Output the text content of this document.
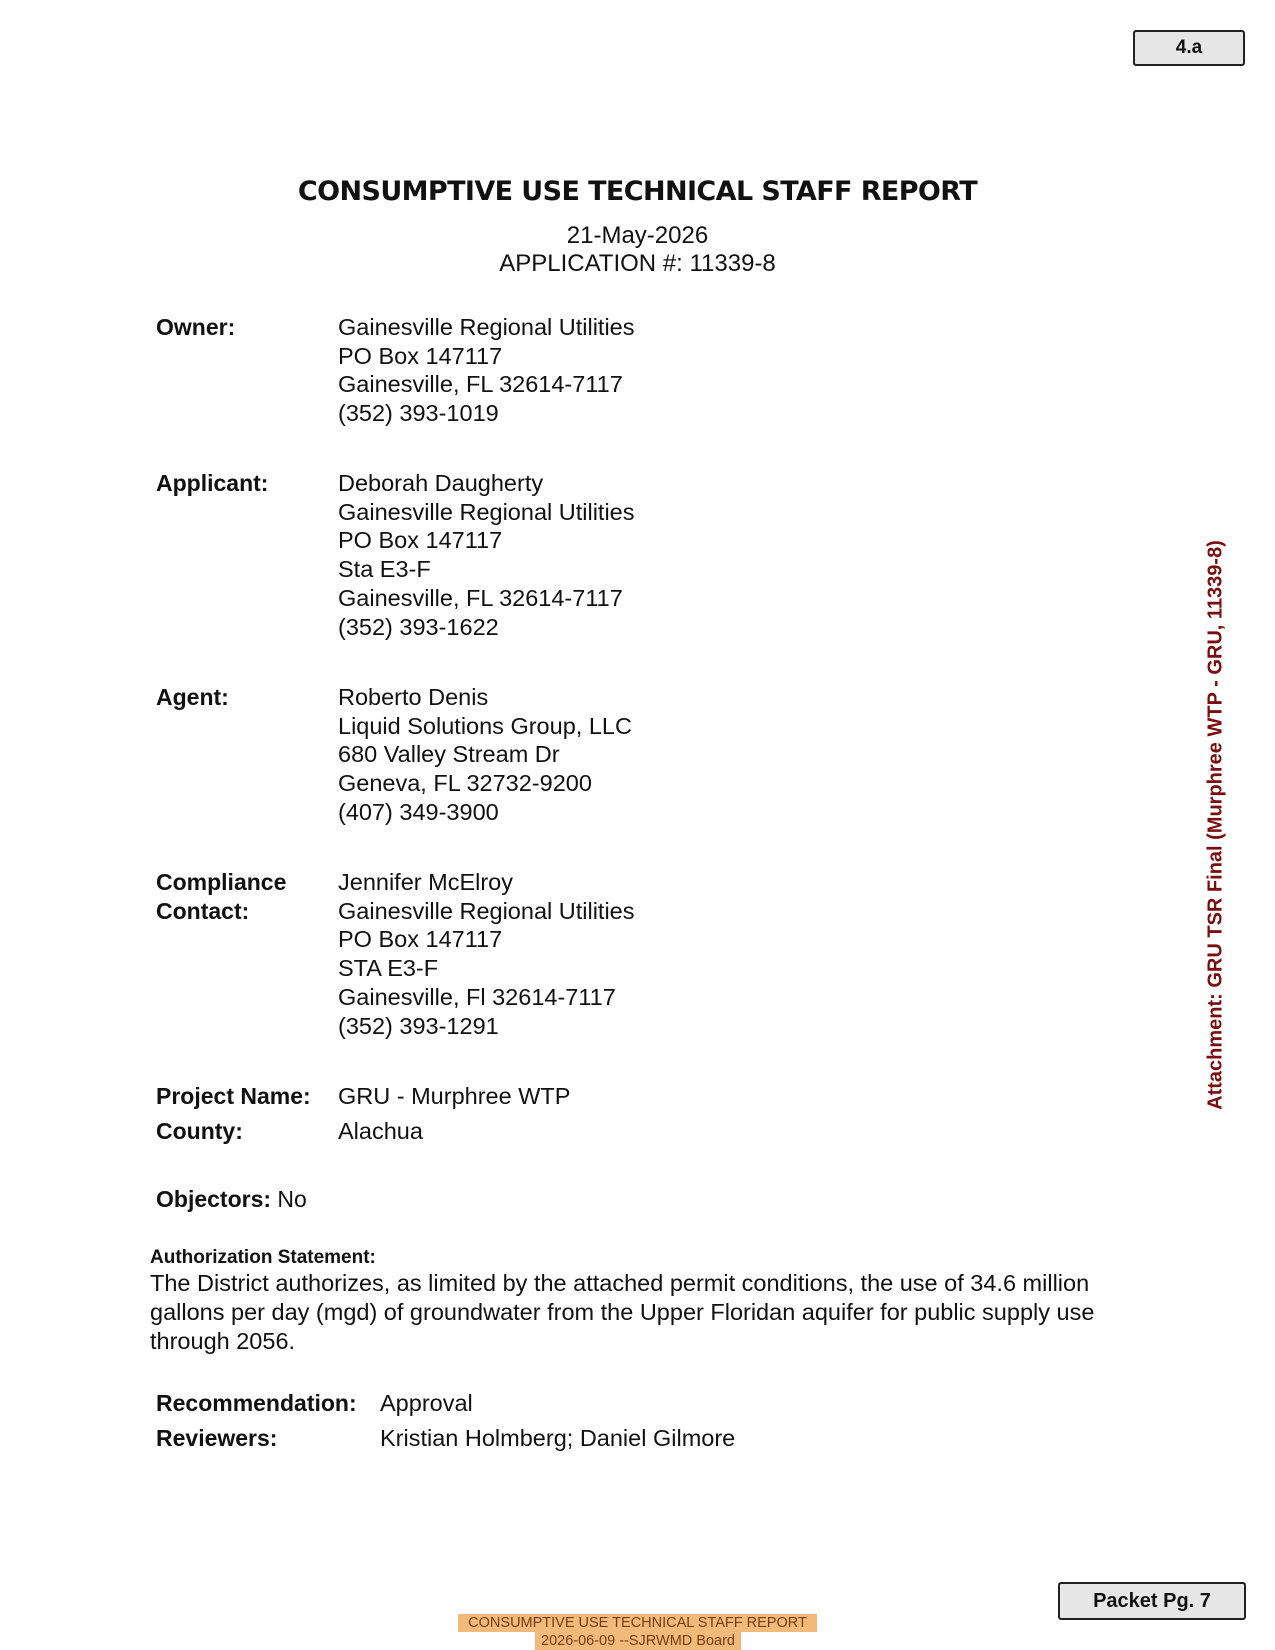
4.a
CONSUMPTIVE USE TECHNICAL STAFF REPORT
21-May-2026
APPLICATION #: 11339-8
Owner:	Gainesville Regional Utilities
PO Box 147117
Gainesville, FL 32614-7117
(352) 393-1019
Applicant:	Deborah Daugherty
Gainesville Regional Utilities
PO Box 147117
Sta E3-F
Gainesville, FL 32614-7117
(352) 393-1622
Agent:	Roberto Denis
Liquid Solutions Group, LLC
680 Valley Stream Dr
Geneva, FL 32732-9200
(407) 349-3900
Compliance
Contact:
Jennifer McElroy
Gainesville Regional Utilities
PO Box 147117
STA E3-F
Gainesville, Fl 32614-7117
(352) 393-1291
Project Name: GRU - Murphree WTP
County:	Alachua
Objectors: No
Authorization Statement:
The District authorizes, as limited by the attached permit conditions, the use of 34.6 million gallons per day (mgd) of groundwater from the Upper Floridan aquifer for public supply use through 2056.
Recommendation: Approval
Reviewers:	Kristian Holmberg; Daniel Gilmore
Attachment: GRU TSR Final (Murphree WTP - GRU, 11339-8)
Packet Pg. 7
CONSUMPTIVE USE TECHNICAL STAFF REPORT
2026-06-09 --SJRWMD Board
